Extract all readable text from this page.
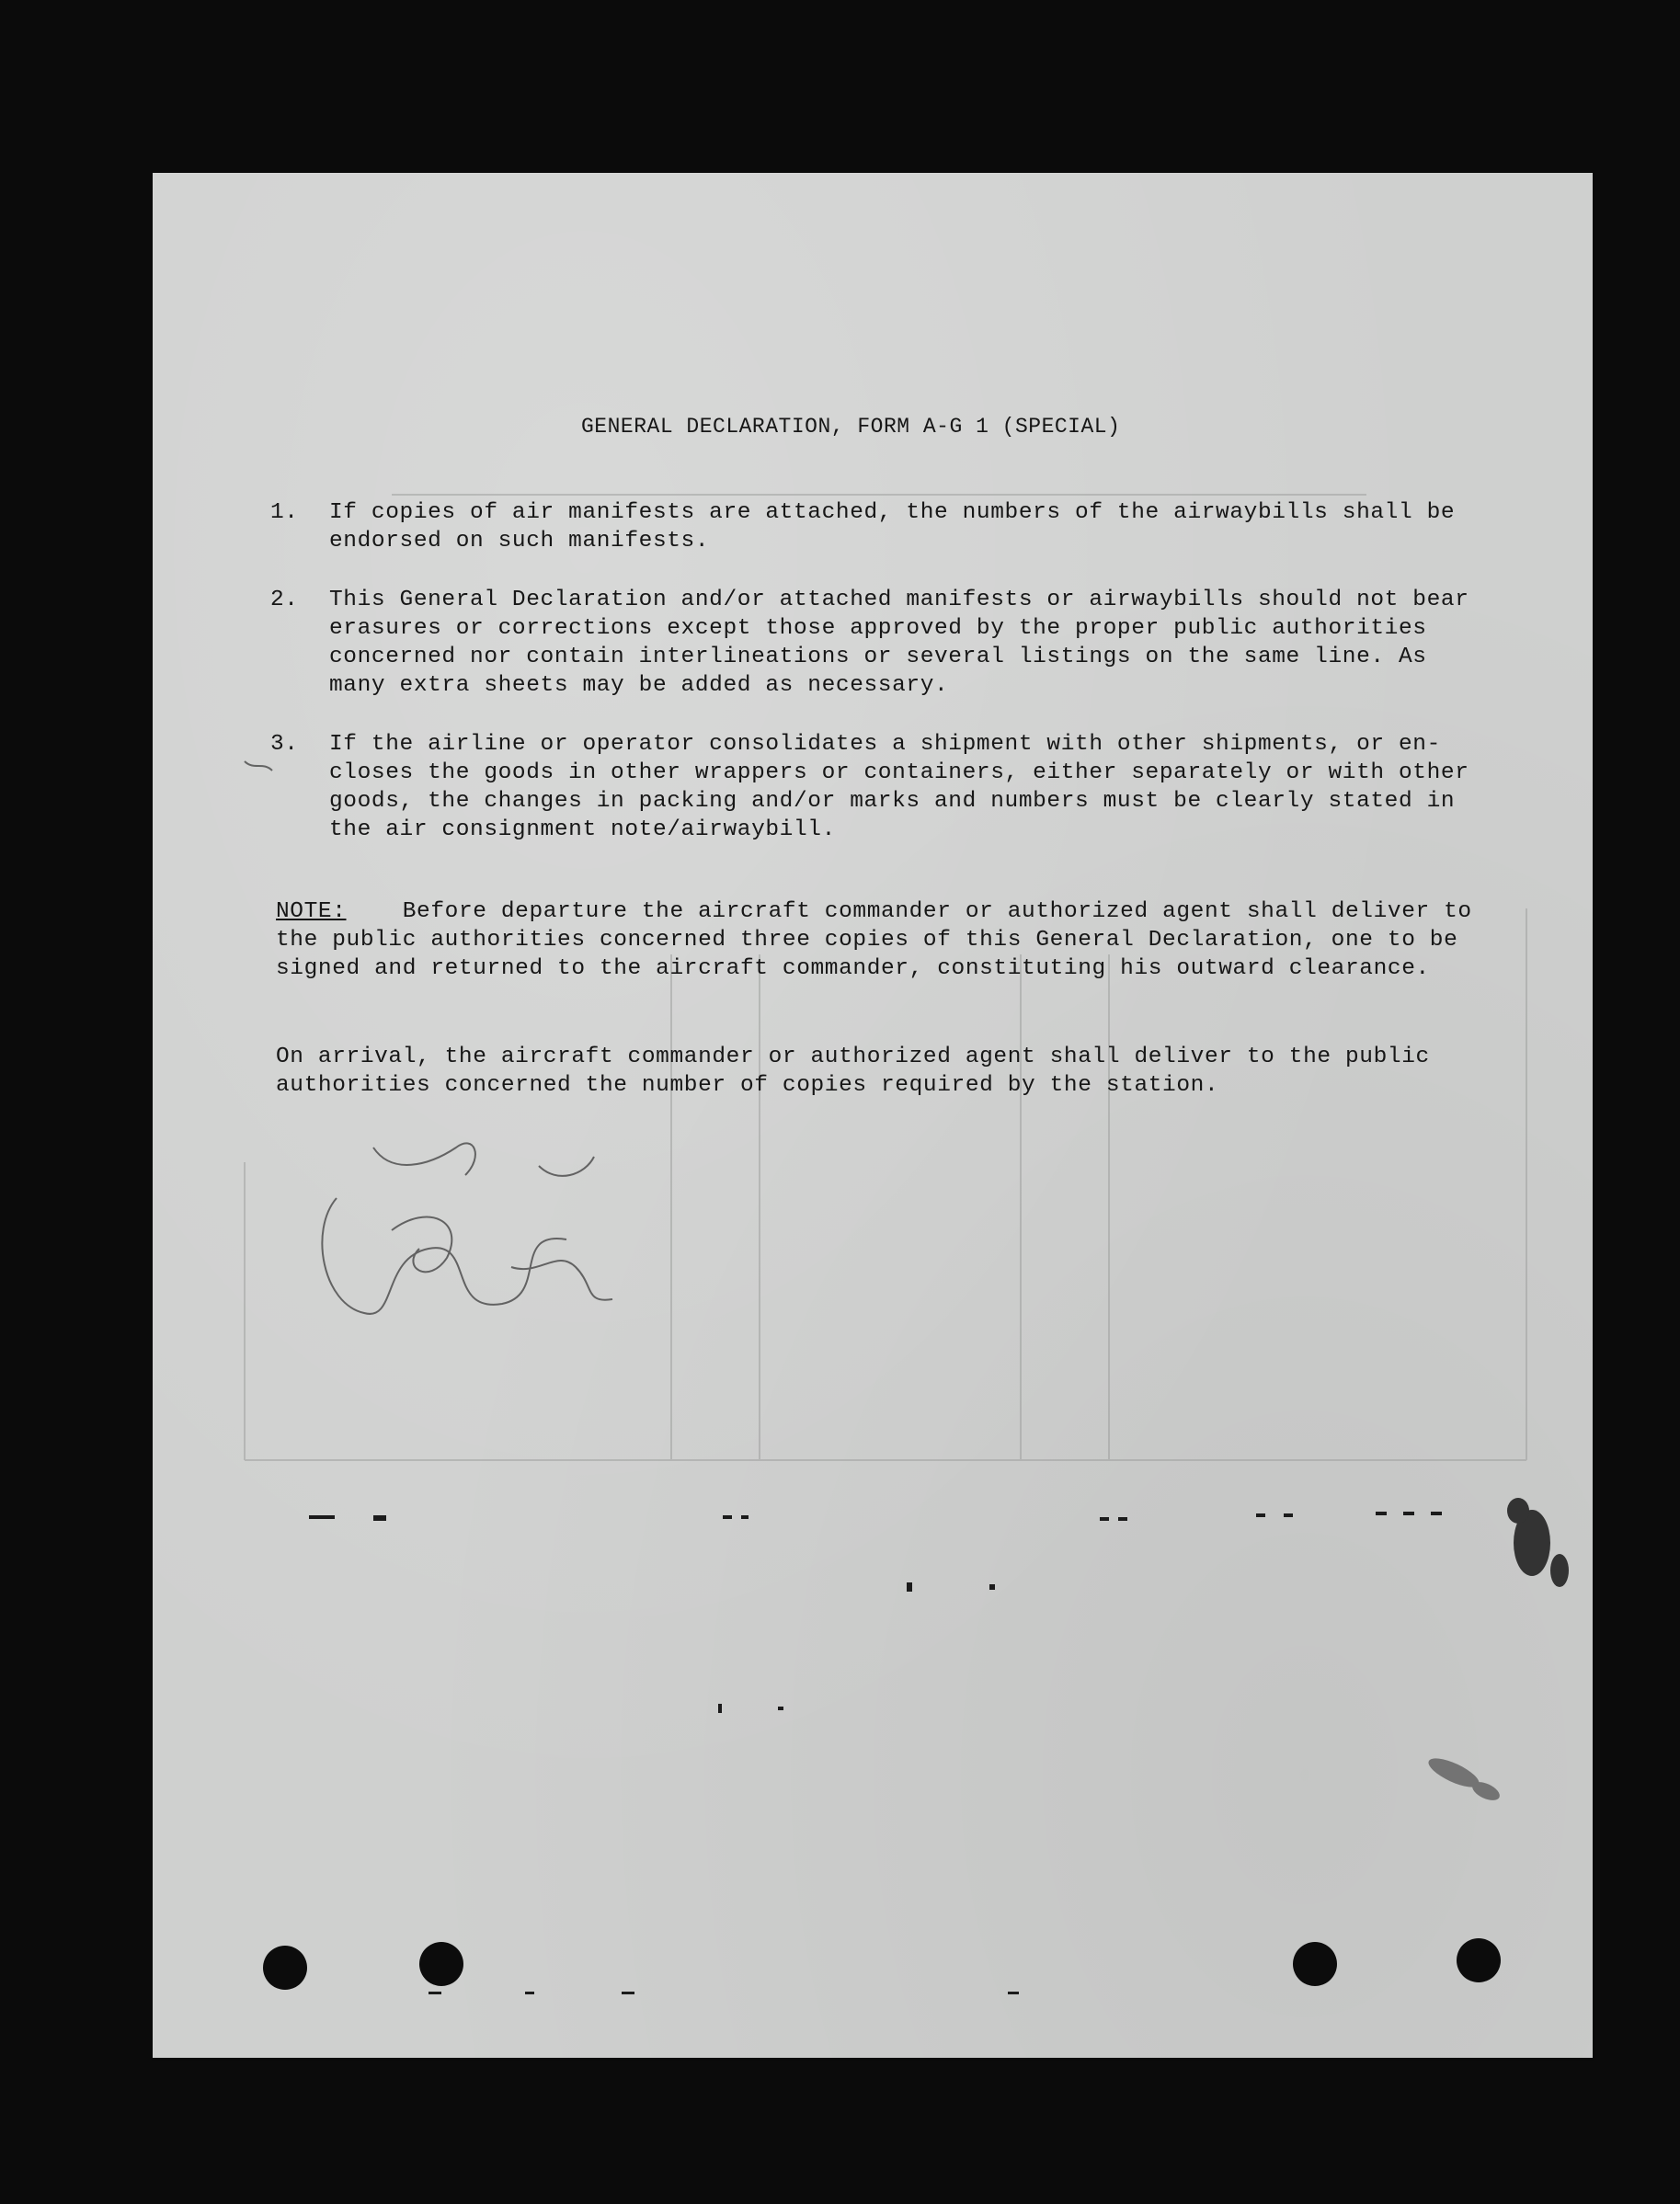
GENERAL DECLARATION, FORM A-G 1 (SPECIAL)
1.	If copies of air manifests are attached, the numbers of the airwaybills shall be
endorsed on such manifests.
2.	This General Declaration and/or attached manifests or airwaybills should not bear
erasures or corrections except those approved by the proper public authorities
concerned nor contain interlineations or several listings on the same line. As
many extra sheets may be added as necessary.
3.	If the airline or operator consolidates a shipment with other shipments, or en-
closes the goods in other wrappers or containers, either separately or with other
goods, the changes in packing and/or marks and numbers must be clearly stated in
the air consignment note/airwaybill.
NOTE: Before departure the aircraft commander or authorized agent shall deliver to the public authorities concerned three copies of this General Declaration, one to be signed and returned to the aircraft commander, constituting his outward clearance.
On arrival, the aircraft commander or authorized agent shall deliver to the public authorities concerned the number of copies required by the station.
